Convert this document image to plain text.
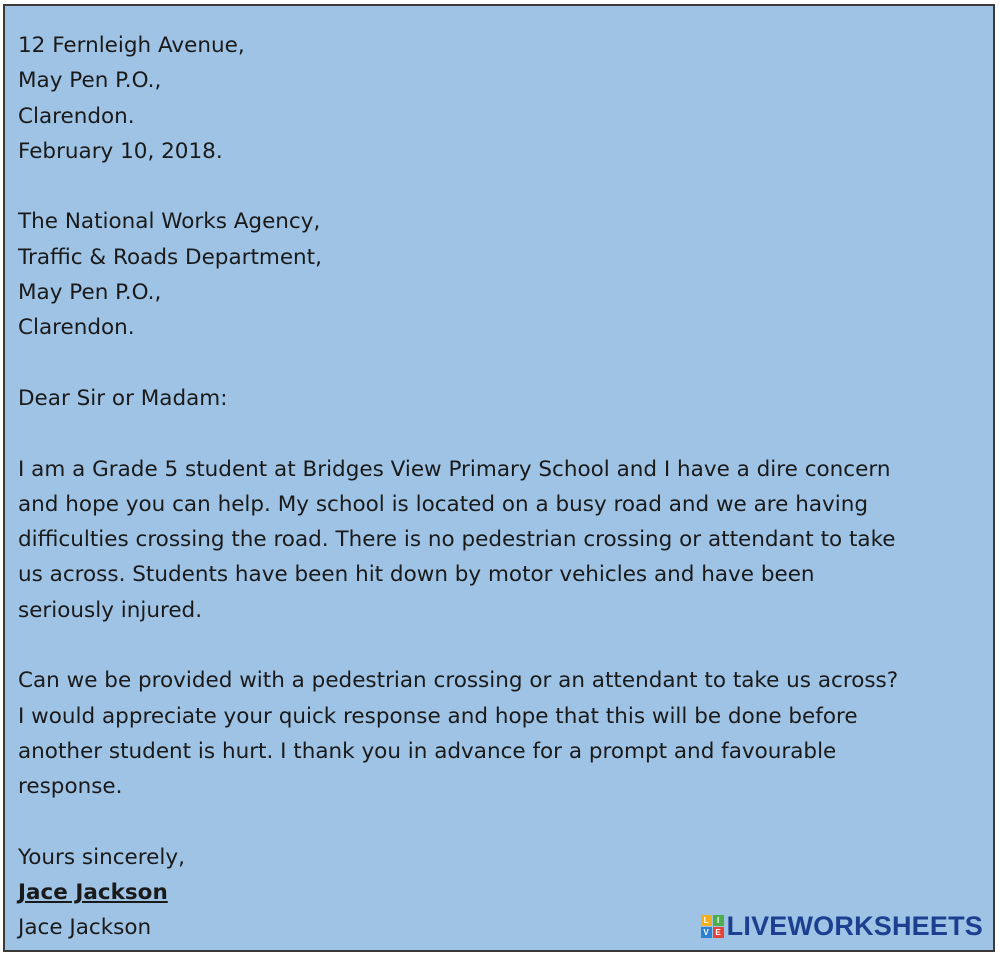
12 Fernleigh Avenue,
May Pen P.O.,
Clarendon.
February 10, 2018.
The National Works Agency,
Traffic & Roads Department,
May Pen P.O.,
Clarendon.
Dear Sir or Madam:
I am a Grade 5 student at Bridges View Primary School and I have a dire concern
and hope you can help. My school is located on a busy road and we are having
difficulties crossing the road. There is no pedestrian crossing or attendant to take
us across. Students have been hit down by motor vehicles and have been
seriously injured.
Can we be provided with a pedestrian crossing or an attendant to take us across?
I would appreciate your quick response and hope that this will be done before
another student is hurt. I thank you in advance for a prompt and favourable
response.
Yours sincerely,
Jace Jackson
Jace Jackson	L	I
V E LIVEWORKSHEETS
